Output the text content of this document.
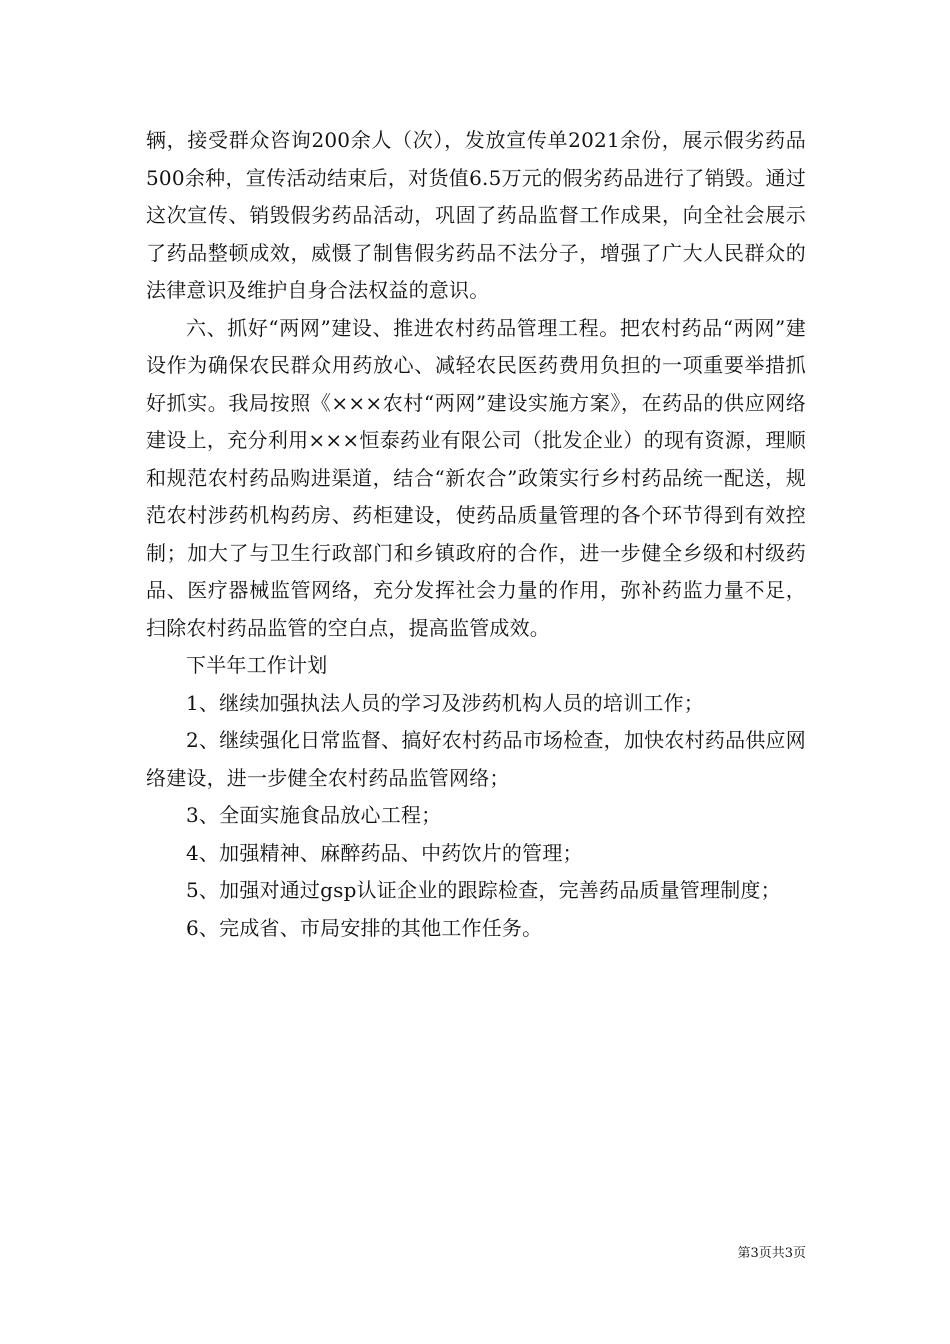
辆，接受群众咨询200余人（次），发放宣传单2021余份，展示假劣药品500余种，宣传活动结束后，对货值6.5万元的假劣药品进行了销毁。通过这次宣传、销毁假劣药品活动，巩固了药品监督工作成果，向全社会展示了药品整顿成效，威慑了制售假劣药品不法分子，增强了广大人民群众的法律意识及维护自身合法权益的意识。

六、抓好“两网”建设、推进农村药品管理工程。把农村药品“两网”建设作为确保农民群众用药放心、减轻农民医药费用负担的一项重要举措抓好抓实。我局按照《×××农村“两网”建设实施方案》，在药品的供应网络建设上，充分利用×××恒泰药业有限公司（批发企业）的现有资源，理顺和规范农村药品购进渠道，结合“新农合”政策实行乡村药品统一配送，规范农村涉药机构药房、药柜建设，使药品质量管理的各个环节得到有效控制；加大了与卫生行政部门和乡镇政府的合作，进一步健全乡级和村级药品、医疗器械监管网络，充分发挥社会力量的作用，弥补药监力量不足，扫除农村药品监管的空白点，提高监管成效。

下半年工作计划

1、继续加强执法人员的学习及涉药机构人员的培训工作；

2、继续强化日常监督、搞好农村药品市场检查，加快农村药品供应网络建设，进一步健全农村药品监管网络；

3、全面实施食品放心工程；

4、加强精神、麻醉药品、中药饮片的管理；

5、加强对通过gsp认证企业的跟踪检查，完善药品质量管理制度；

6、完成省、市局安排的其他工作任务。

第3页共3页
